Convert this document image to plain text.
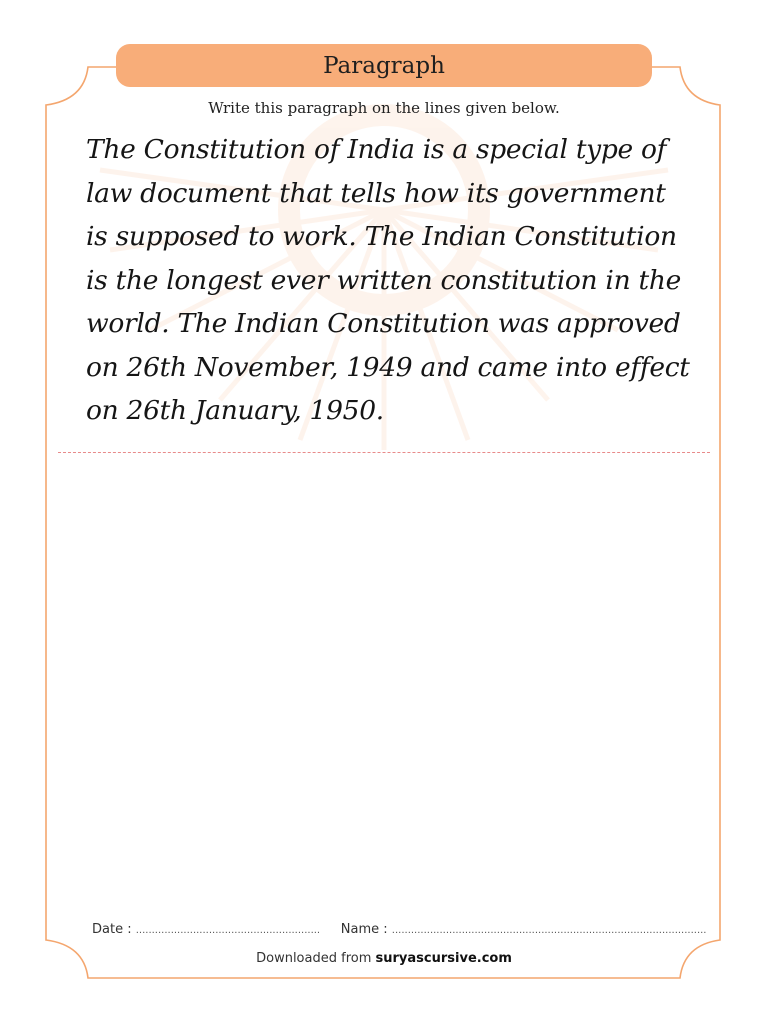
Paragraph
Write this paragraph on the lines given below.

The Constitution of India is a special type of
law document that tells how its government
is supposed to work. The Indian Constitution
is the longest ever written constitution in the
world. The Indian Constitution was approved
on 26th November, 1949 and came into effect
on 26th January, 1950.

Date : .......................................................... Name : ...................................................................................................
Downloaded from suryascursive.com
